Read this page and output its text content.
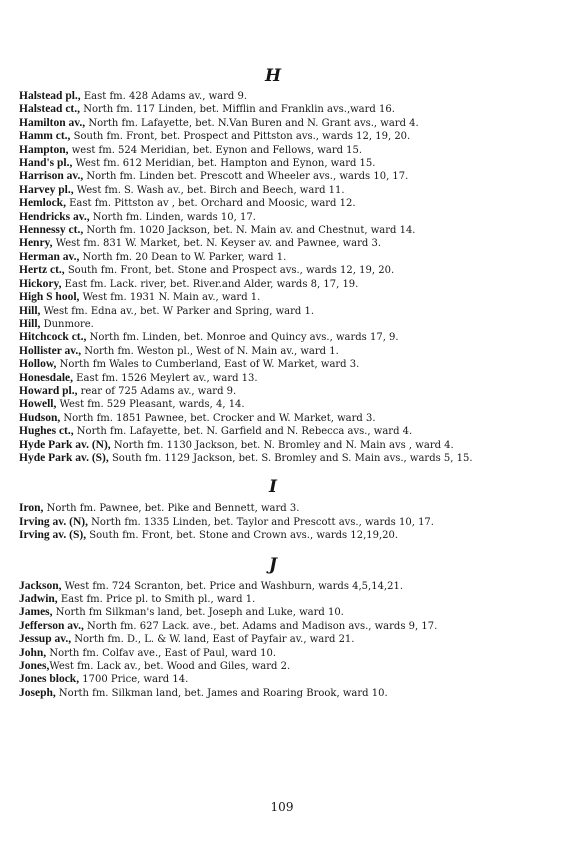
H

Halstead pl., East fm. 428 Adams av., ward 9.

Halstead ct., North fm. 117 Linden, bet. Mifflin and Franklin avs.,ward 16.

Hamilton av., North fm. Lafayette, bet. N.Van Buren and N. Grant avs., ward 4.

Hamm ct., South fm. Front, bet. Prospect and Pittston avs., wards 12, 19, 20.

Hampton, west fm. 524 Meridian, bet. Eynon and Fellows, ward 15.

Hand's pl., West fm. 612 Meridian, bet. Hampton and Eynon, ward 15.

Harrison av., North fm. Linden bet. Prescott and Wheeler avs., wards 10, 17.

Harvey pl., West fm. S. Wash av., bet. Birch and Beech, ward 11.

Hemlock, East fm. Pittston av , bet. Orchard and Moosic, ward 12.

Hendricks av., North fm. Linden, wards 10, 17.

Hennessy ct., North fm. 1020 Jackson, bet. N. Main av. and Chestnut, ward 14.

Henry, West fm. 831 W. Market, bet. N. Keyser av. and Pawnee, ward 3.

Herman av., North fm. 20 Dean to W. Parker, ward 1.

Hertz ct., South fm. Front, bet. Stone and Prospect avs., wards 12, 19, 20.

Hickory, East fm. Lack. river, bet. River.and Alder, wards 8, 17, 19.

High S hool, West fm. 1931 N. Main av., ward 1.

Hill, West fm. Edna av., bet. W Parker and Spring, ward 1.

Hill, Dunmore.

Hitchcock ct., North fm. Linden, bet. Monroe and Quincy avs., wards 17, 9.

Hollister av., North fm. Weston pl., West of N. Main av., ward 1.

Hollow, North fm Wales to Cumberland, East of W. Market, ward 3.

Honesdale, East fm. 1526 Meylert av., ward 13.

Howard pl., rear of 725 Adams av., ward 9.

Howell, West fm. 529 Pleasant, wards, 4, 14.

Hudson, North fm. 1851 Pawnee, bet. Crocker and W. Market, ward 3.

Hughes ct., North fm. Lafayette, bet. N. Garfield and N. Rebecca avs., ward 4.

Hyde Park av. (N), North fm. 1130 Jackson, bet. N. Bromley and N. Main avs , ward 4.

Hyde Park av. (S), South fm. 1129 Jackson, bet. S. Bromley and S. Main avs., wards 5, 15.

I

Iron, North fm. Pawnee, bet. Pike and Bennett, ward 3.

Irving av. (N), North fm. 1335 Linden, bet. Taylor and Prescott avs., wards 10, 17.

Irving av. (S), South fm. Front, bet. Stone and Crown avs., wards 12,19,20.

J

Jackson, West fm. 724 Scranton, bet. Price and Washburn, wards 4,5,14,21.

Jadwin, East fm. Price pl. to Smith pl., ward 1.

James, North fm Silkman's land, bet. Joseph and Luke, ward 10.

Jefferson av., North fm. 627 Lack. ave., bet. Adams and Madison avs., wards 9, 17.

Jessup av., North fm. D., L. & W. land, East of Payfair av., ward 21.

John, North fm. Colfav ave., East of Paul, ward 10.

Jones,West fm. Lack av., bet. Wood and Giles, ward 2.

Jones block, 1700 Price, ward 14.

Joseph, North fm. Silkman land, bet. James and Roaring Brook, ward 10.

109
